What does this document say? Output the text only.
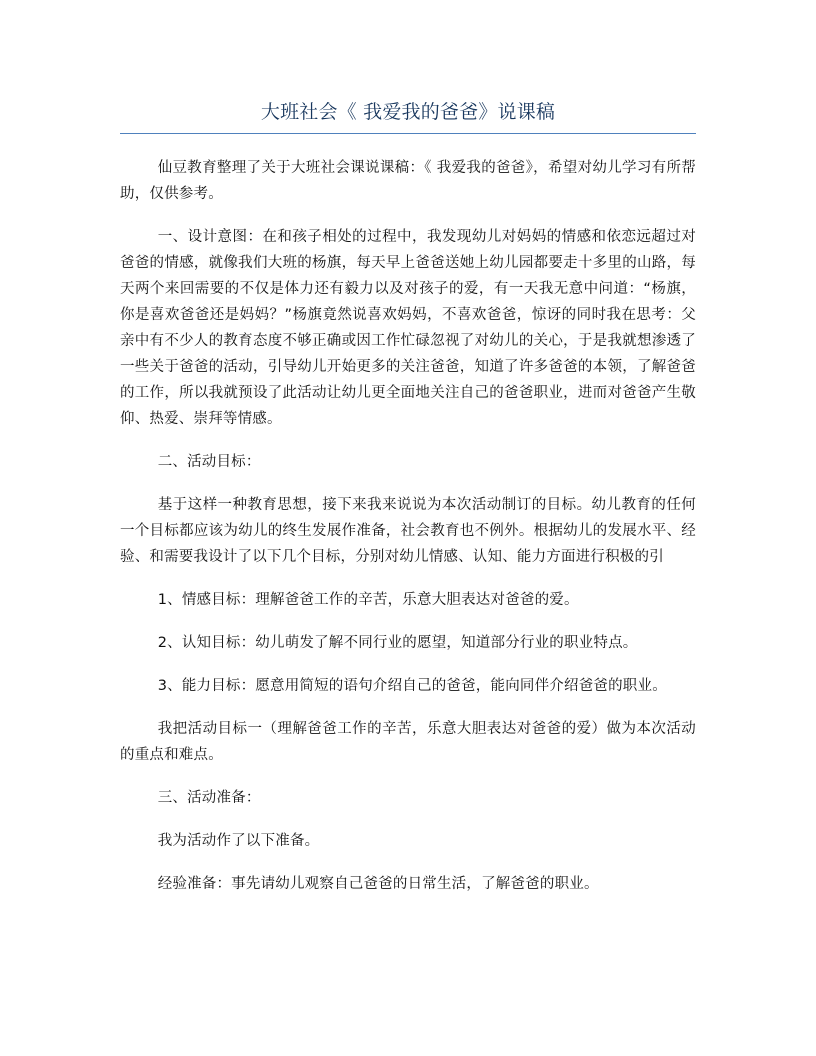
大班社会《 我爱我的爸爸》说课稿

仙豆教育整理了关于大班社会课说课稿：《 我爱我的爸爸》，希望对幼儿学习有所帮助，仅供参考。

一、设计意图：在和孩子相处的过程中，我发现幼儿对妈妈的情感和依恋远超过对爸爸的情感，就像我们大班的杨旗，每天早上爸爸送她上幼儿园都要走十多里的山路，每天两个来回需要的不仅是体力还有毅力以及对孩子的爱，有一天我无意中问道：“杨旗，你是喜欢爸爸还是妈妈？”杨旗竟然说喜欢妈妈，不喜欢爸爸，惊讶的同时我在思考：父亲中有不少人的教育态度不够正确或因工作忙碌忽视了对幼儿的关心，于是我就想渗透了一些关于爸爸的活动，引导幼儿开始更多的关注爸爸，知道了许多爸爸的本领，了解爸爸的工作，所以我就预设了此活动让幼儿更全面地关注自己的爸爸职业，进而对爸爸产生敬仰、热爱、崇拜等情感。

二、活动目标：

基于这样一种教育思想，接下来我来说说为本次活动制订的目标。幼儿教育的任何一个目标都应该为幼儿的终生发展作准备，社会教育也不例外。根据幼儿的发展水平、经验、和需要我设计了以下几个目标，分别对幼儿情感、认知、能力方面进行积极的引

1、情感目标：理解爸爸工作的辛苦，乐意大胆表达对爸爸的爱。

2、认知目标：幼儿萌发了解不同行业的愿望，知道部分行业的职业特点。

3、能力目标：愿意用简短的语句介绍自己的爸爸，能向同伴介绍爸爸的职业。

我把活动目标一（理解爸爸工作的辛苦，乐意大胆表达对爸爸的爱）做为本次活动的重点和难点。

三、活动准备：

我为活动作了以下准备。

经验准备：事先请幼儿观察自己爸爸的日常生活，了解爸爸的职业。
